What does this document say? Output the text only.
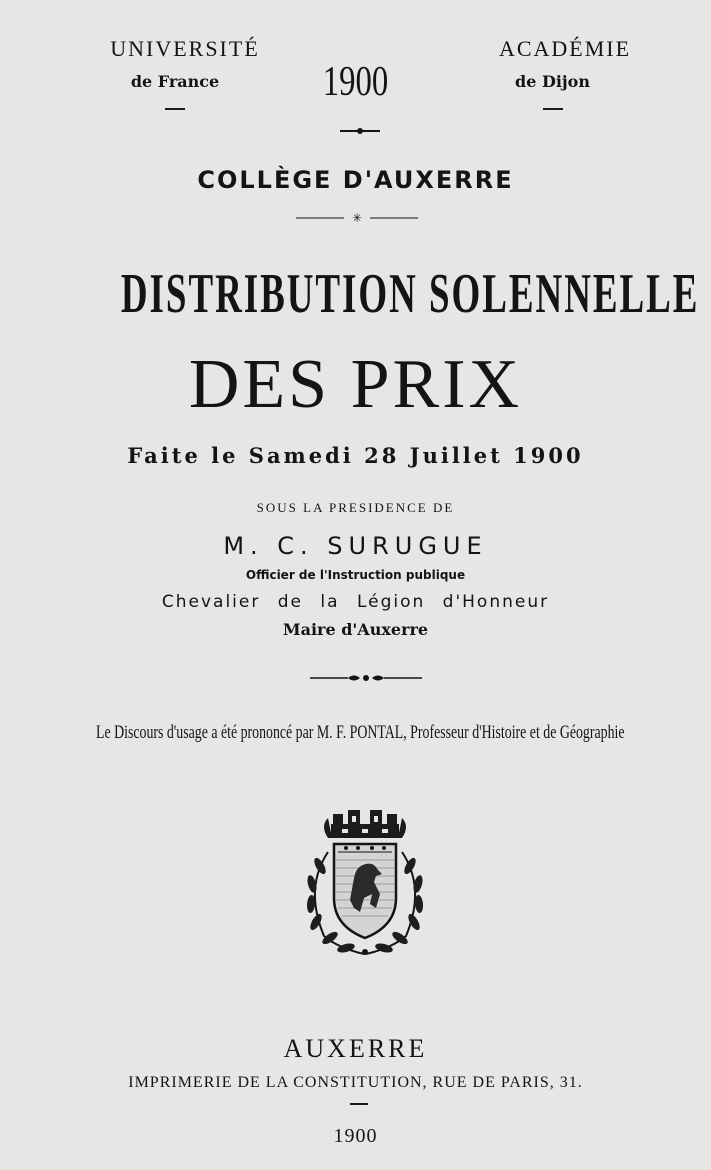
UNIVERSITÉ
de France	1900
ACADÉMIE
de Dijon
COLLÈGE D'AUXERRE
✳
DISTRIBUTION SOLENNELLE
DES PRIX
Faite le Samedi 28 Juillet 1900
SOUS LA PRESIDENCE DE
M. C. SURUGUE
Officier de l'Instruction publique
Chevalier de la Légion d'Honneur
Maire d'Auxerre
Le Discours d'usage a été prononcé par M. F. PONTAL, Professeur d'Histoire et de Géographie
AUXERRE
IMPRIMERIE DE LA CONSTITUTION, RUE DE PARIS, 31.
1900
